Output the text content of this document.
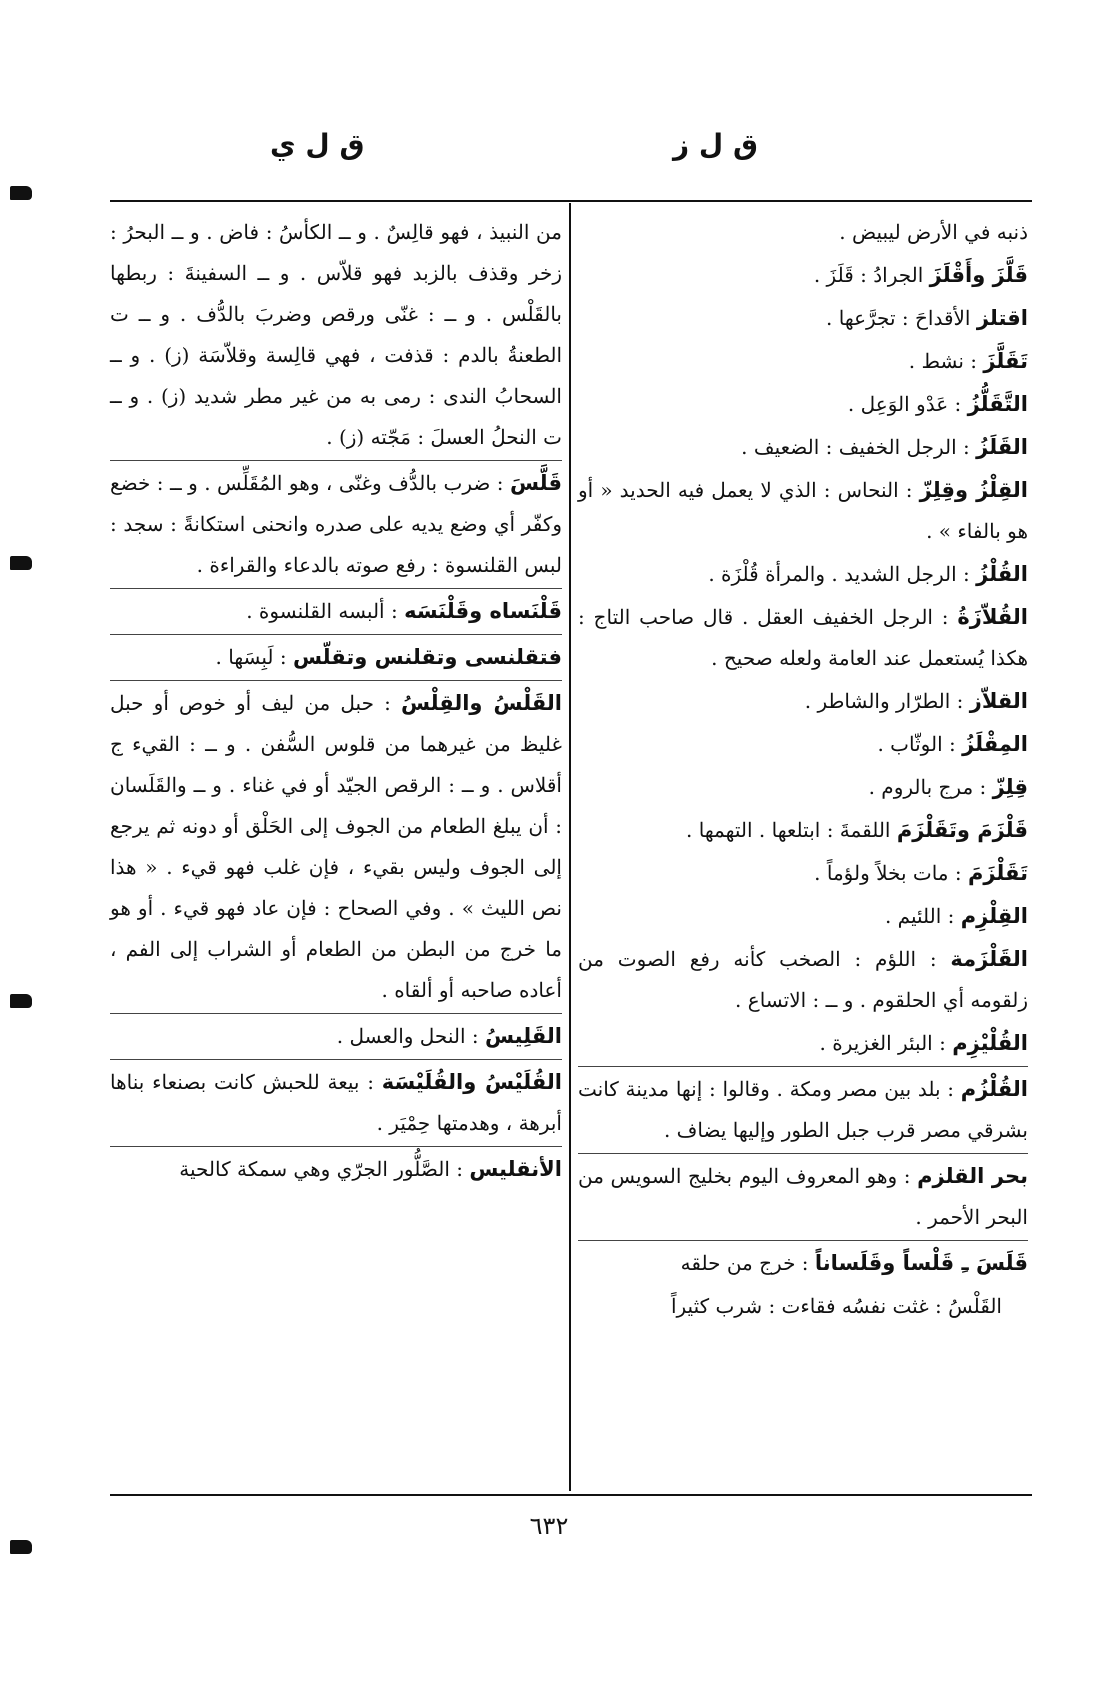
ق ل ز
ق ل ي
ذنبه في الأرض ليبيض .
قَلَّزَ وأَقْلَزَ الجرادُ : قَلَزَ .
اقتلز الأقداحَ : تجرَّعها .
تَقَلَّزَ : نشط .
التَّقَلُّزُ : عَدْو الوَعِل .
القَلَزُ : الرجل الخفيف : الضعيف .
القِلْزُ وقِلِزّ : النحاس : الذي لا يعمل فيه الحديد « أو هو بالفاء » .
القُلْزُ : الرجل الشديد . والمرأة قُلْزَة .
القُلاّزَةُ : الرجل الخفيف العقل . قال صاحب التاج : هكذا يُستعمل عند العامة ولعله صحيح .
القلاّز : الطرّار والشاطر .
المِقْلَزُ : الوثّاب .
قِلِزّ : مرج بالروم .
قَلْزَمَ وتَقَلْزَمَ اللقمةَ : ابتلعها . التهمها .
تَقَلْزَمَ : مات بخلاً ولؤماً .
القِلْزِم : اللئيم .
القَلْزَمة : اللؤم : الصخب كأنه رفع الصوت من زلقومه أي الحلقوم . و ــ : الاتساع .
القُلْيْزِم : البئر الغزيرة .
القُلْزُم : بلد بين مصر ومكة . وقالوا : إنها مدينة كانت بشرقي مصر قرب جبل الطور وإليها يضاف .
بحر القلزم : وهو المعروف اليوم بخليج السويس من البحر الأحمر .
قَلَسَ ـِ قَلْساً وقَلَساناً : خرج من حلقه
القَلْسُ : غثت نفسُه فقاءت : شرب كثيراً
من النبيذ ، فهو قالِسٌ . و ــ الكأسُ : فاض . و ــ البحرُ : زخر وقذف بالزبد فهو قلاّس . و ــ السفينةَ : ربطها بالقَلْس . و ــ : غنّى ورقص وضربَ بالدُّف . و ــ ت الطعنةُ بالدم : قذفت ، فهي قالِسة وقلاّسَة (ز) . و ــ السحابُ الندى : رمى به من غير مطر شديد (ز) . و ــ ت النحلُ العسلَ : مَجّته (ز) .
قَلَّسَ : ضرب بالدُّف وغنّى ، وهو المُقَلِّس . و ــ : خضع وكفّر أي وضع يديه على صدره وانحنى استكانةً : سجد : لبس القلنسوة : رفع صوته بالدعاء والقراءة .
قَلْنَساه وقَلْنَسَه : ألبسه القلنسوة .
فتقلنسى وتقلنس وتقلّس : لَبِسَها .
القَلْسُ والقِلْسُ : حبل من ليف أو خوص أو حبل غليظ من غيرهما من قلوس السُّفن . و ــ : القيء ج أقلاس . و ــ : الرقص الجيّد أو في غناء . و ــ والقَلَسان : أن يبلغ الطعام من الجوف إلى الحَلْق أو دونه ثم يرجع إلى الجوف وليس بقيء ، فإن غلب فهو قيء . « هذا نص الليث » . وفي الصحاح : فإن عاد فهو قيء . أو هو ما خرج من البطن من الطعام أو الشراب إلى الفم ، أعاده صاحبه أو ألقاه .
القَلِيسُ : النحل والعسل .
القُلَيْسُ والقُلَيْسَة : بيعة للحبش كانت بصنعاء بناها أبرهة ، وهدمتها حِمْيَر .
الأنقليس : الصَّلُّور الجرّي وهي سمكة كالحية
٦٣٢
